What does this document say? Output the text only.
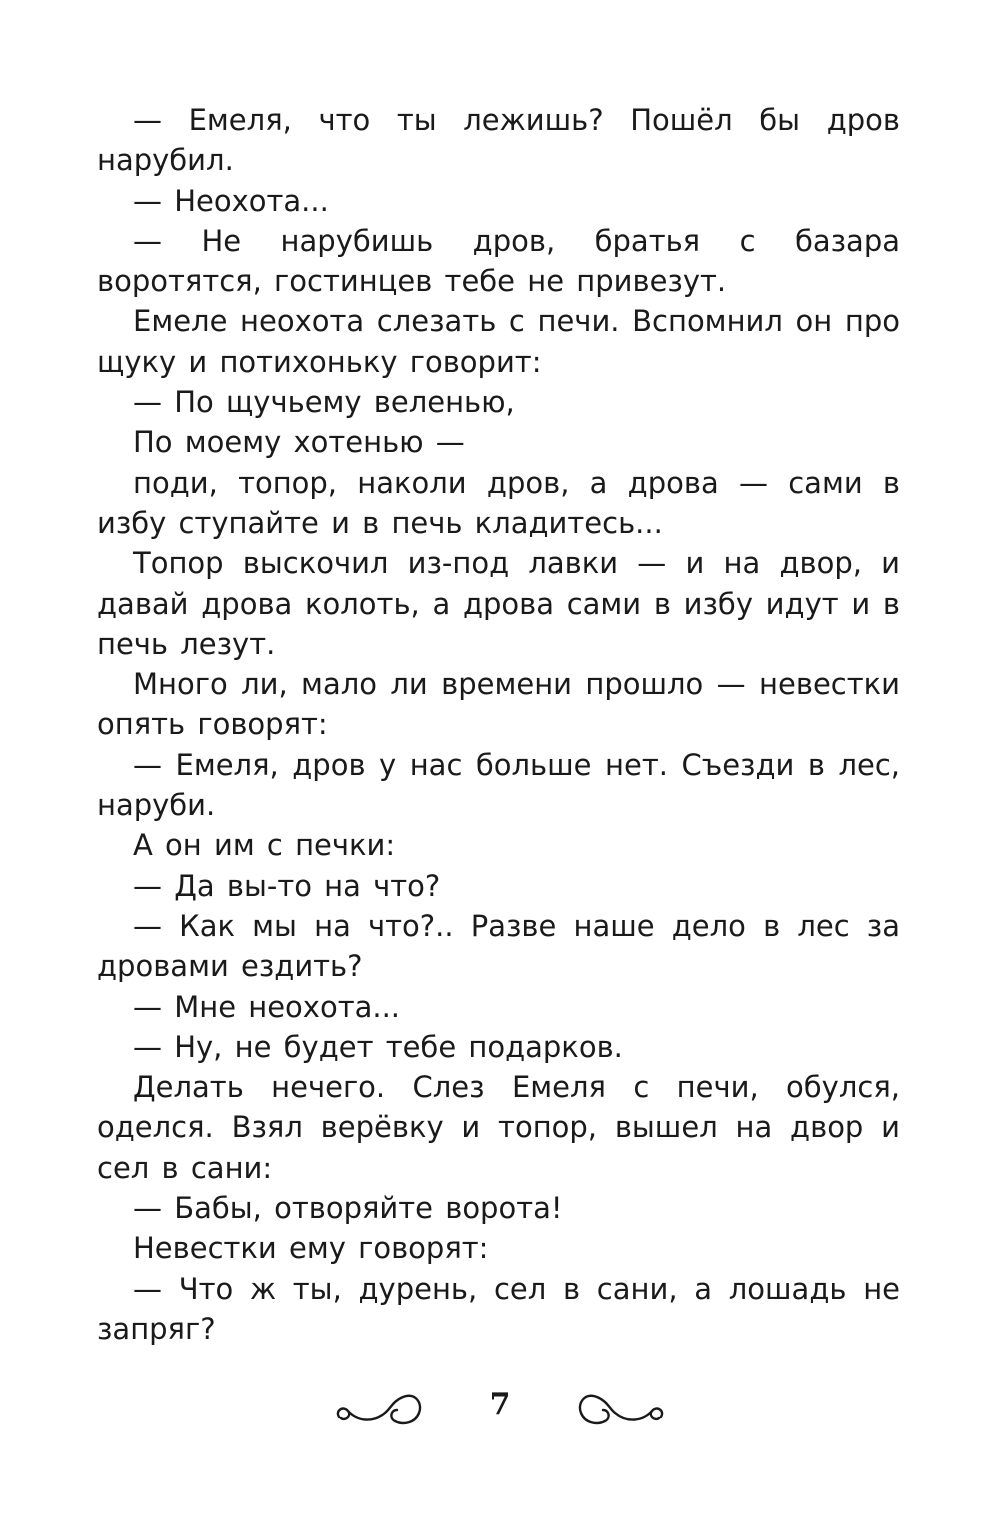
— Емеля, что ты лежишь? Пошёл бы дров нарубил.

— Неохота...

— Не нарубишь дров, братья с базара воротятся, гостинцев тебе не привезут.

Емеле неохота слезать с печи. Вспомнил он про щуку и потихоньку говорит:

— По щучьему веленью,

По моему хотенью —

поди, топор, наколи дров, а дрова — сами в избу ступайте и в печь кладитесь...

Топор выскочил из-под лавки — и на двор, и давай дрова колоть, а дрова сами в избу идут и в печь лезут.

Много ли, мало ли времени прошло — невестки опять говорят:

— Емеля, дров у нас больше нет. Съезди в лес, наруби.

А он им с печки:

— Да вы-то на что?

— Как мы на что?.. Разве наше дело в лес за дровами ездить?

— Мне неохота...

— Ну, не будет тебе подарков.

Делать нечего. Слез Емеля с печи, обулся, оделся. Взял верёвку и топор, вышел на двор и сел в сани:

— Бабы, отворяйте ворота!

Невестки ему говорят:

— Что ж ты, дурень, сел в сани, а лошадь не запряг?

7
